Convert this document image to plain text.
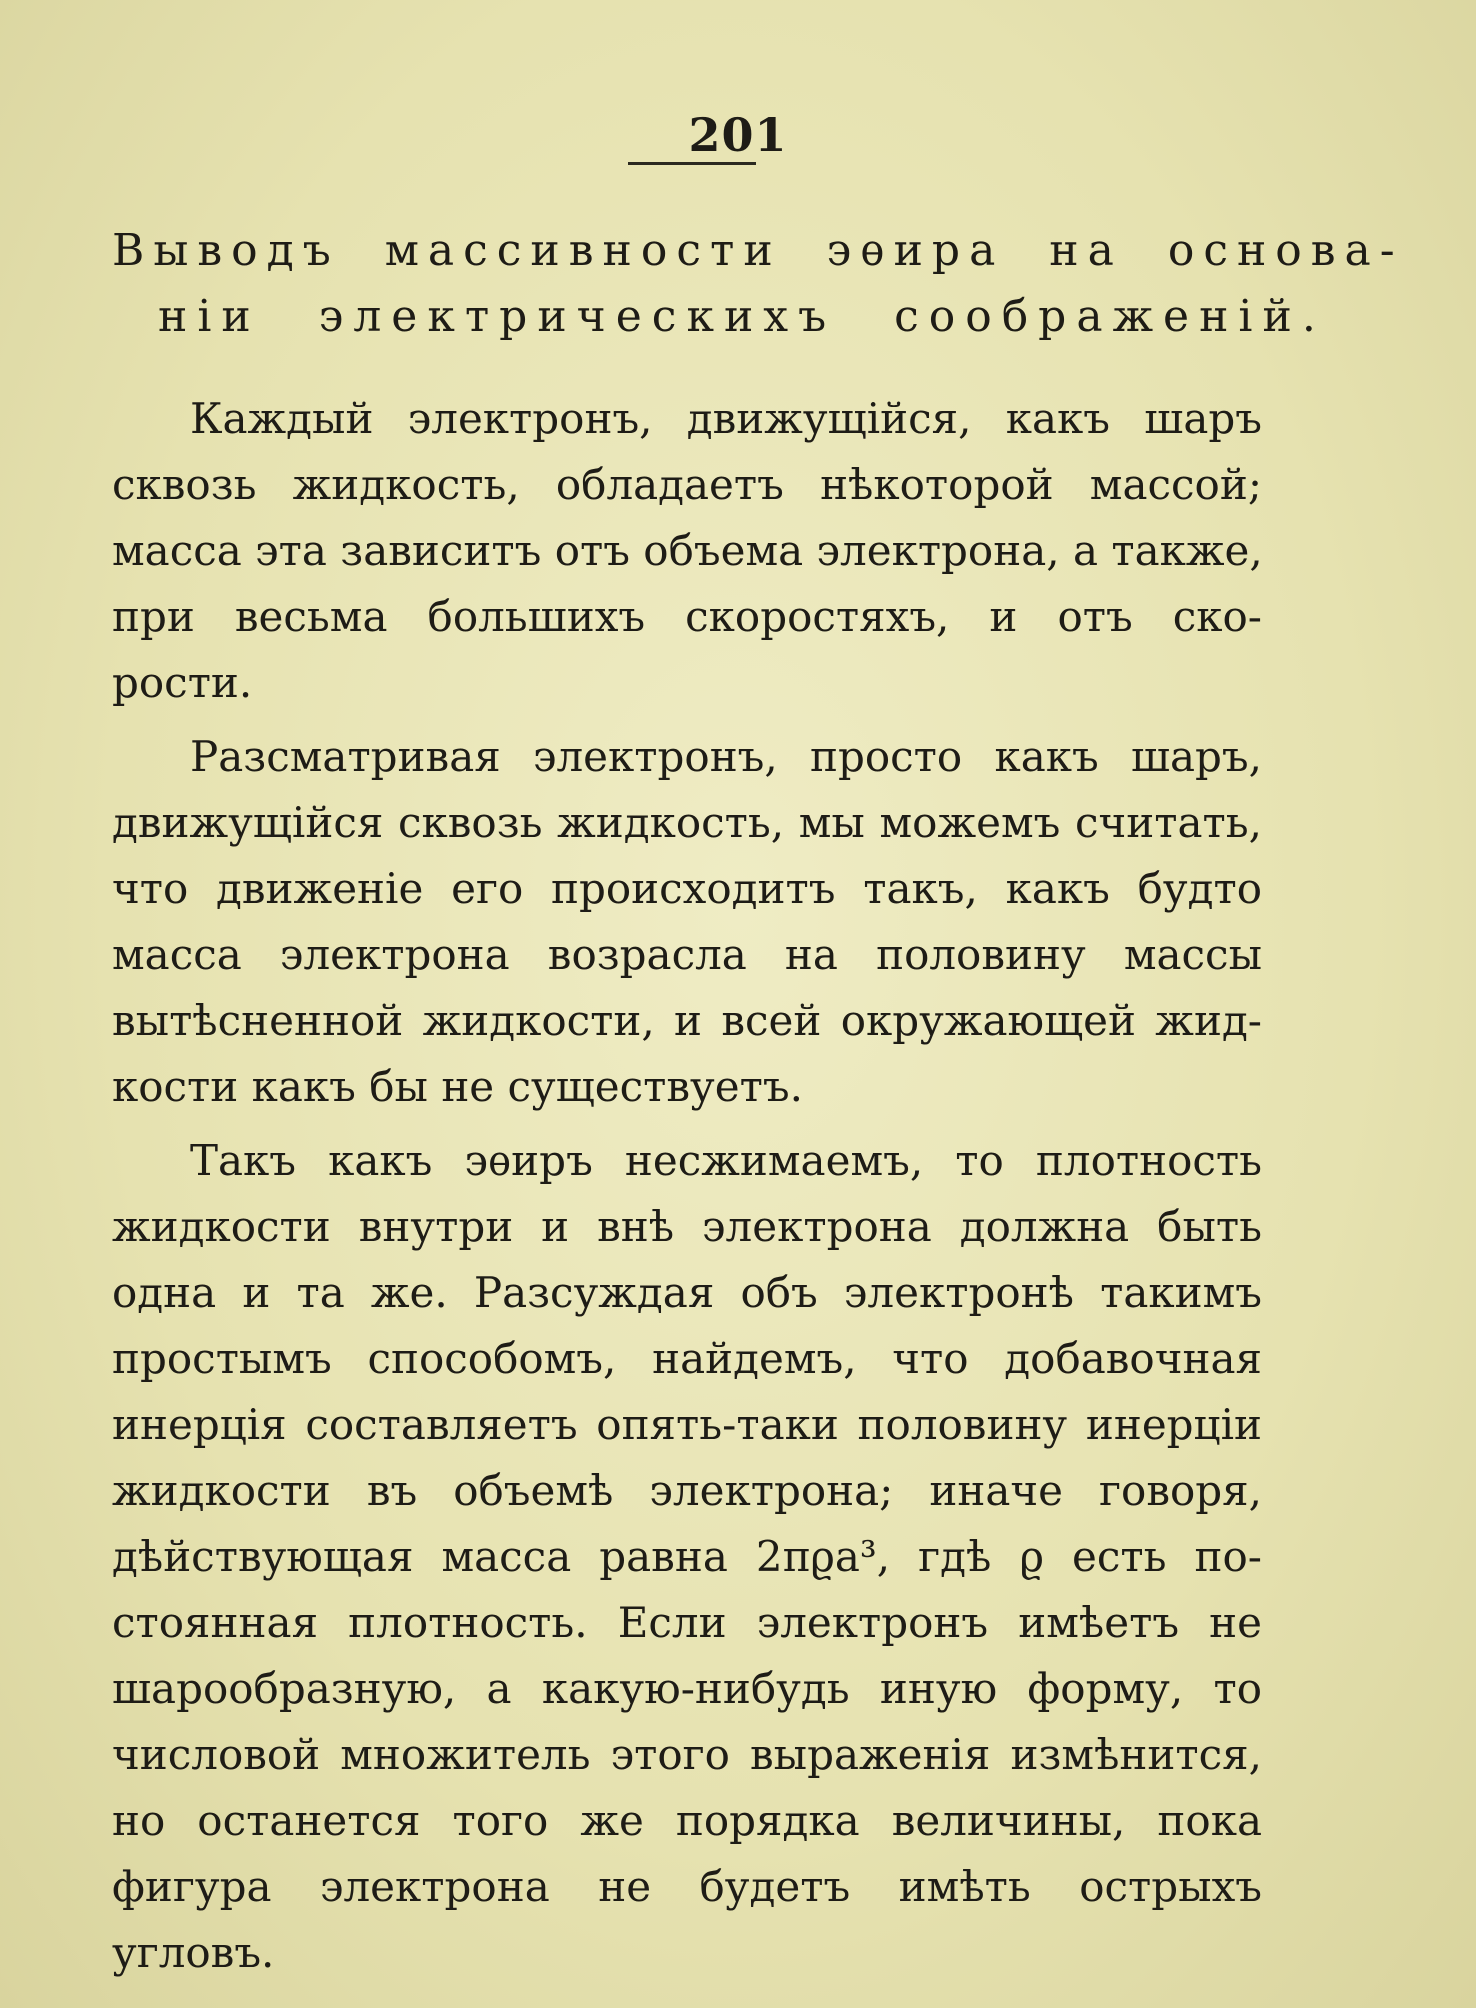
201
Выводъ массивности эѳира на основа-
ніи электрическихъ соображеній.

Каждый электронъ, движущійся, какъ шаръ
сквозь жидкость, обладаетъ нѣкоторой массой;
масса эта зависитъ отъ объема электрона, а также,
при весьма большихъ скоростяхъ, и отъ ско-
рости.

Разсматривая электронъ, просто какъ шаръ,
движущійся сквозь жидкость, мы можемъ считать,
что движеніе его происходитъ такъ, какъ будто
масса электрона возрасла на половину массы
вытѣсненной жидкости, и всей окружающей жид-
кости какъ бы не существуетъ.

Такъ какъ эѳиръ несжимаемъ, то плотность
жидкости внутри и внѣ электрона должна быть
одна и та же. Разсуждая объ электронѣ такимъ
простымъ способомъ, найдемъ, что добавочная
инерція составляетъ опять-таки половину инерціи
жидкости въ объемѣ электрона; иначе говоря,
дѣйствующая масса равна 2πϱa³, гдѣ ϱ есть по-
стоянная плотность. Если электронъ имѣетъ не
шарообразную, а какую-нибудь иную форму, то
числовой множитель этого выраженія измѣнится,
но останется того же порядка величины, пока
фигура электрона не будетъ имѣть острыхъ
угловъ.
